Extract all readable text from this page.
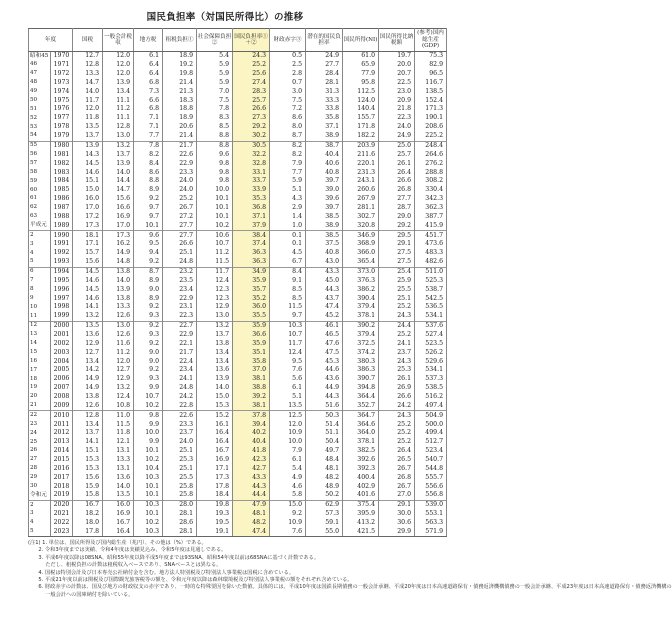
国民負担率（対国民所得比）の推移
年度		国税	一般会計税収	地方税	租税負担①	社会保障負担②	国民負担率①＋②	財政赤字③	潜在的国民負担率	国民所得(NI)	国民所得比納税額	(参考)国内総生産(GDP)
昭和45	1970	12.7	12.0	6.1	18.9	5.4	24.3	0.5	24.9	61.0	19.7	75.3
46	1971	12.8	12.0	6.4	19.2	5.9	25.2	2.5	27.7	65.9	20.0	82.9
47	1972	13.3	12.0	6.4	19.8	5.9	25.6	2.8	28.4	77.9	20.7	96.5
48	1973	14.7	13.9	6.8	21.4	5.9	27.4	0.7	28.1	95.8	22.5	116.7
49	1974	14.0	13.4	7.3	21.3	7.0	28.3	3.0	31.3	112.5	23.0	138.5
50	1975	11.7	11.1	6.6	18.3	7.5	25.7	7.5	33.3	124.0	20.9	152.4
51	1976	12.0	11.2	6.8	18.8	7.8	26.6	7.2	33.8	140.4	21.8	171.3
52	1977	11.8	11.1	7.1	18.9	8.3	27.3	8.6	35.8	155.7	22.3	190.1
53	1978	13.5	12.8	7.1	20.6	8.5	29.2	8.0	37.1	171.8	24.0	208.6
54	1979	13.7	13.0	7.7	21.4	8.8	30.2	8.7	38.9	182.2	24.9	225.2
55	1980	13.9	13.2	7.8	21.7	8.8	30.5	8.2	38.7	203.9	25.0	248.4
56	1981	14.3	13.7	8.2	22.6	9.6	32.2	8.2	40.4	211.6	25.7	264.6
57	1982	14.5	13.9	8.4	22.9	9.8	32.8	7.9	40.6	220.1	26.1	276.2
58	1983	14.6	14.0	8.6	23.3	9.8	33.1	7.7	40.8	231.3	26.4	288.8
59	1984	15.1	14.4	8.8	24.0	9.8	33.7	5.9	39.7	243.1	26.6	308.2
60	1985	15.0	14.7	8.9	24.0	10.0	33.9	5.1	39.0	260.6	26.8	330.4
61	1986	16.0	15.6	9.2	25.2	10.1	35.3	4.3	39.6	267.9	27.7	342.3
62	1987	17.0	16.6	9.7	26.7	10.1	36.8	2.9	39.7	281.1	28.7	362.3
63	1988	17.2	16.9	9.7	27.2	10.1	37.1	1.4	38.5	302.7	29.0	387.7
平成元	1989	17.3	17.0	10.1	27.7	10.2	37.9	1.0	38.9	320.8	29.2	415.9
2	1990	18.1	17.3	9.6	27.7	10.6	38.4	0.1	38.5	346.9	29.5	451.7
3	1991	17.1	16.2	9.5	26.6	10.7	37.4	0.1	37.5	368.9	29.1	473.6
4	1992	15.7	14.9	9.4	25.1	11.2	36.3	4.5	40.8	366.0	27.5	483.3
5	1993	15.6	14.8	9.2	24.8	11.5	36.3	6.7	43.0	365.4	27.5	482.6
6	1994	14.5	13.8	8.7	23.2	11.7	34.9	8.4	43.3	373.0	25.4	511.0
7	1995	14.6	14.0	8.9	23.5	12.4	35.9	9.1	45.0	376.3	25.9	525.3
8	1996	14.5	13.9	9.0	23.4	12.3	35.7	8.5	44.3	386.2	25.5	538.7
9	1997	14.6	13.8	8.9	22.9	12.3	35.2	8.5	43.7	390.4	25.1	542.5
10	1998	14.1	13.3	9.2	23.1	12.9	36.0	11.5	47.4	379.4	25.2	536.5
11	1999	13.2	12.6	9.3	22.3	13.0	35.5	9.7	45.2	378.1	24.3	534.1
12	2000	13.5	13.0	9.2	22.7	13.2	35.9	10.3	46.1	390.2	24.4	537.6
13	2001	13.6	12.6	9.3	22.9	13.7	36.6	10.7	46.5	379.4	25.2	527.4
14	2002	12.9	11.6	9.2	22.1	13.8	35.9	11.7	47.6	372.5	24.1	523.5
15	2003	12.7	11.2	9.0	21.7	13.4	35.1	12.4	47.5	374.2	23.7	526.2
16	2004	13.4	12.0	9.0	22.4	13.4	35.8	9.5	45.3	380.3	24.3	529.6
17	2005	14.2	12.7	9.2	23.4	13.6	37.0	7.6	44.6	386.3	25.3	534.1
18	2006	14.9	12.9	9.3	24.1	13.9	38.1	5.6	43.6	390.7	26.1	537.3
19	2007	14.9	13.2	9.9	24.8	14.0	38.8	6.1	44.9	394.8	26.9	538.5
20	2008	13.8	12.4	10.7	24.2	15.0	39.2	5.1	44.3	364.4	26.6	516.2
21	2009	12.6	10.8	10.2	22.8	15.3	38.1	13.5	51.6	352.7	24.2	497.4
22	2010	12.8	11.0	9.8	22.6	15.2	37.8	12.5	50.3	364.7	24.3	504.9
23	2011	13.4	11.5	9.9	23.3	16.1	39.4	12.0	51.4	364.6	25.2	500.0
24	2012	13.7	11.8	10.0	23.7	16.4	40.2	10.9	51.1	364.0	25.2	499.4
25	2013	14.1	12.1	9.9	24.0	16.4	40.4	10.0	50.4	378.1	25.2	512.7
26	2014	15.1	13.1	10.1	25.1	16.7	41.8	7.9	49.7	382.5	26.4	523.4
27	2015	15.3	13.3	10.2	25.3	16.9	42.3	6.1	48.4	392.6	26.5	540.7
28	2016	15.3	13.1	10.4	25.1	17.1	42.7	5.4	48.1	392.3	26.7	544.8
29	2017	15.6	13.6	10.3	25.5	17.3	43.3	4.9	48.2	400.4	26.8	555.7
30	2018	15.9	14.0	10.1	25.8	17.8	44.3	4.6	48.9	402.9	26.7	556.6
令和元	2019	15.8	13.5	10.1	25.8	18.4	44.4	5.8	50.2	401.6	27.0	556.8
2	2020	16.7	16.0	10.3	28.0	19.8	47.9	15.0	62.9	375.4	29.1	539.0
3	2021	18.2	16.9	10.1	28.1	19.3	48.1	9.2	57.3	395.9	30.0	553.1
4	2022	18.0	16.7	10.2	28.6	19.5	48.2	10.9	59.1	413.2	30.6	563.3
5	2023	17.8	16.4	10.3	28.1	19.1	47.4	7.6	55.0	421.5	29.9	571.9
(注1) 1. 単位は、国民所得及び国内総生産（兆円）、その他は（%）である。
　　2. 令和3年度までは実績、令和4年度は実績見込み、令和5年度は見通しである。
　　3. 平成6年度以降は08SNA、昭和55年度以降平成5年度までは93SNA、昭和54年度以前は68SNAに基づく計数である。
　　　 ただし、租税負担の計数は租税収入ベースであり、SNAベースとは異なる。
　　4. 国税は特別会計及び日本専売公社納付金を含む。地方法人特別税及び特別法人事業税は国税に含めている。
　　5. 平成21年度以前は関税及び国際観光旅客税等の額を、令和元年度以降は森林環境税及び特別法人事業税の額をそれぞれ含めている。
　　6. 財政赤字の計数は、国及び地方の財政収支の赤字であり、一時的な特殊要因を除いた数値。具体的には、平成10年度は国鉄長期債務の一般会計承継、平成20年度は日本高速道路保有・債務返済機構債務の一般会計承継、平成23年度は日本高速道路保有・債務返済機構の
　　　 一般会計への国庫納付を除いている。
